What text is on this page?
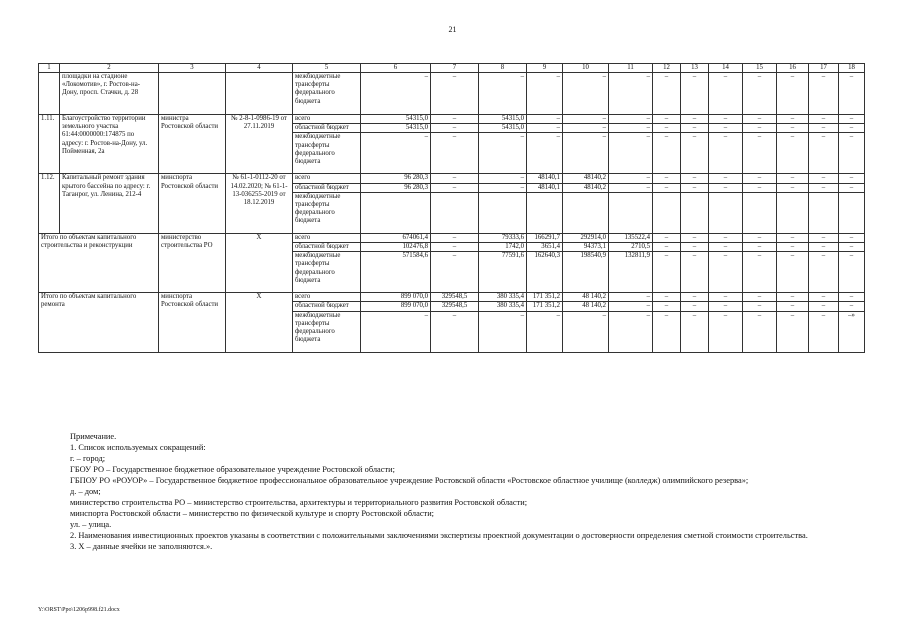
21
1	2	3	4	5	6	7	8	9	10	11	12	13	14	15	16	17	18
	площадки на стадионе «Локомотив», г. Ростов-на-Дону, просп. Стачки, д. 28			межбюджетные трансферты федерального бюджета	–	–	–	–	–	–	–	–	–	–	–	–	–
1.11.	Благоустройство территории земельного участка 61:44:0000000:174875 по адресу: г. Ростов-на-Дону, ул. Пойменная, 2а	министра Ростовской области	№ 2-8-1-0986-19 от 27.11.2019	всего	54315,0	–	54315,0	–	–	–	–	–	–	–	–	–	–
				областной бюджет	54315,0	–	54315,0	–	–	–	–	–	–	–	–	–	–
				межбюджетные трансферты федерального бюджета	–	–	–	–	–	–	–	–	–	–	–	–	–
1.12.	Капитальный ремонт здания крытого бассейна по адресу: г. Таганрог, ул. Ленина, 212-4	минспорта Ростовской области	№ 61-1-0112-20 от 14.02.2020; № 61-1-13-036255-2019 от 18.12.2019	всего	96 280,3	–	–	48140,1	48140,2	–	–	–	–	–	–	–	–
				областной бюджет	96 280,3	–	–	48140,1	48140,2	–	–	–	–	–	–	–	–
				межбюджетные трансферты федерального бюджета													
Итого по объектам капитального строительства и реконструкции		министерство строительства РО	X	всего	674061,4	–	79333,6	166291,7	292914,0	135522,4	–	–	–	–	–	–	–
				областной бюджет	102476,8	–	1742,0	3651,4	94373,1	2710,5	–	–	–	–	–	–	–
				межбюджетные трансферты федерального бюджета	571584,6	–	77591,6	162640,3	198540,9	132811,9	–	–	–	–	–	–	–
Итого по объектам капитального ремонта		минспорта Ростовской области	X	всего	899 070,0	329548,5	380 335,4	171 351,2	48 140,2	–	–	–	–	–	–	–	–
				областной бюджет	899 070,0	329548,5	380 335,4	171 351,2	48 140,2	–	–	–	–	–	–	–	–
				межбюджетные трансферты федерального бюджета	–	–	–	–	–	–	–	–	–	–	–	–	–»
Примечание.
1. Список используемых сокращений:
г. – город;
ГБОУ РО – Государственное бюджетное образовательное учреждение Ростовской области;
ГБПОУ РО «РОУОР» – Государственное бюджетное профессиональное образовательное учреждение Ростовской области «Ростовское областное училище (колледж) олимпийского резерва»;
д. – дом;
министерство строительства РО – министерство строительства, архитектуры и территориального развития Ростовской области;
минспорта Ростовской области – министерство по физической культуре и спорту Ростовской области;
ул. – улица.
2. Наименования инвестиционных проектов указаны в соответствии с положительными заключениями экспертизы проектной документации о достоверности определения сметной стоимости строительства.
3. X – данные ячейки не заполняются.».
Y:\ORST\Ppo\1206p998.f21.docx
